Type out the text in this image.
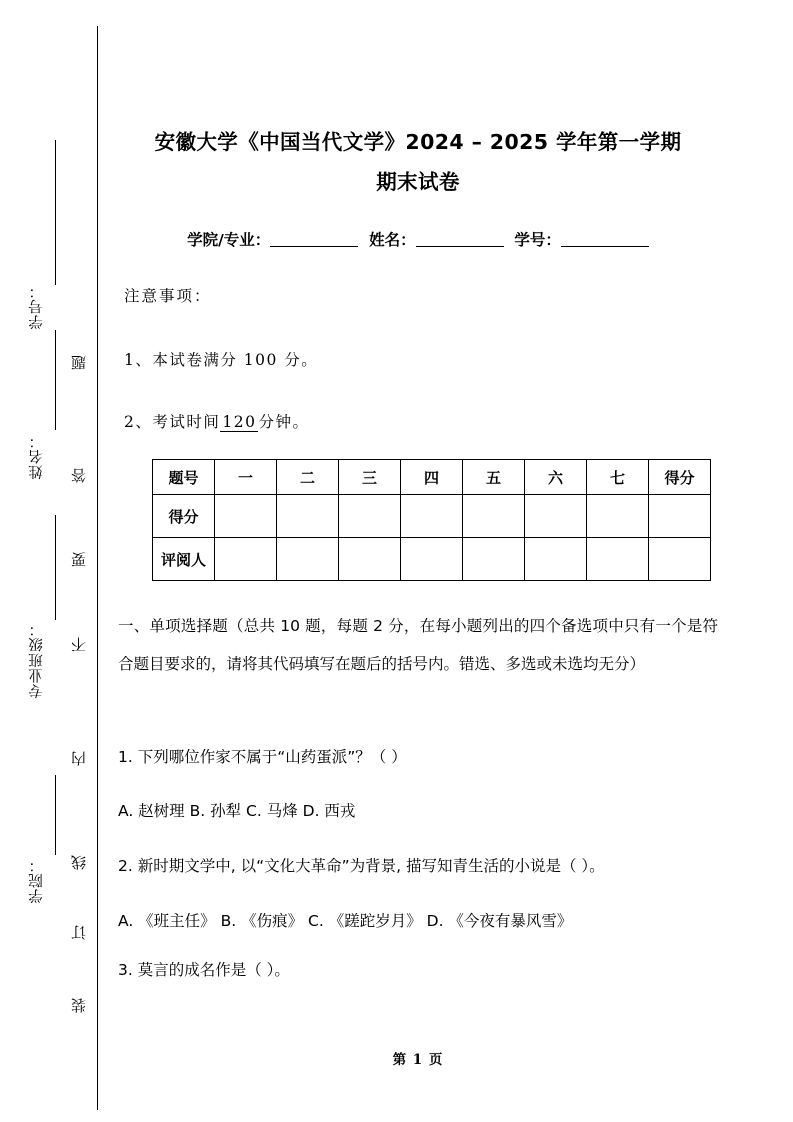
学号：
姓名：
专业班级：
学院：
题
答
要
不
内
线
订
装
安徽大学《中国当代文学》2024 – 2025 学年第一学期
期末试卷
学院/专业：	姓名：	学号：
注意事项：
1、本试卷满分 100 分。
2、考试时间 120 分钟。
题号	一	二	三	四	五	六	七	得分
得分								
评阅人								
一、单项选择题（总共 10 题，每题 2 分，在每小题列出的四个备选项中只有一个是符合题目要求的，请将其代码填写在题后的括号内。错选、多选或未选均无分）
1. 下列哪位作家不属于“山药蛋派”？（ ）
A. 赵树理 B. 孙犁 C. 马烽 D. 西戎
2. 新时期文学中, 以“文化大革命”为背景, 描写知青生活的小说是（ ）。
A. 《班主任》 B. 《伤痕》 C. 《蹉跎岁月》 D. 《今夜有暴风雪》
3. 莫言的成名作是（ ）。
第 1 页
